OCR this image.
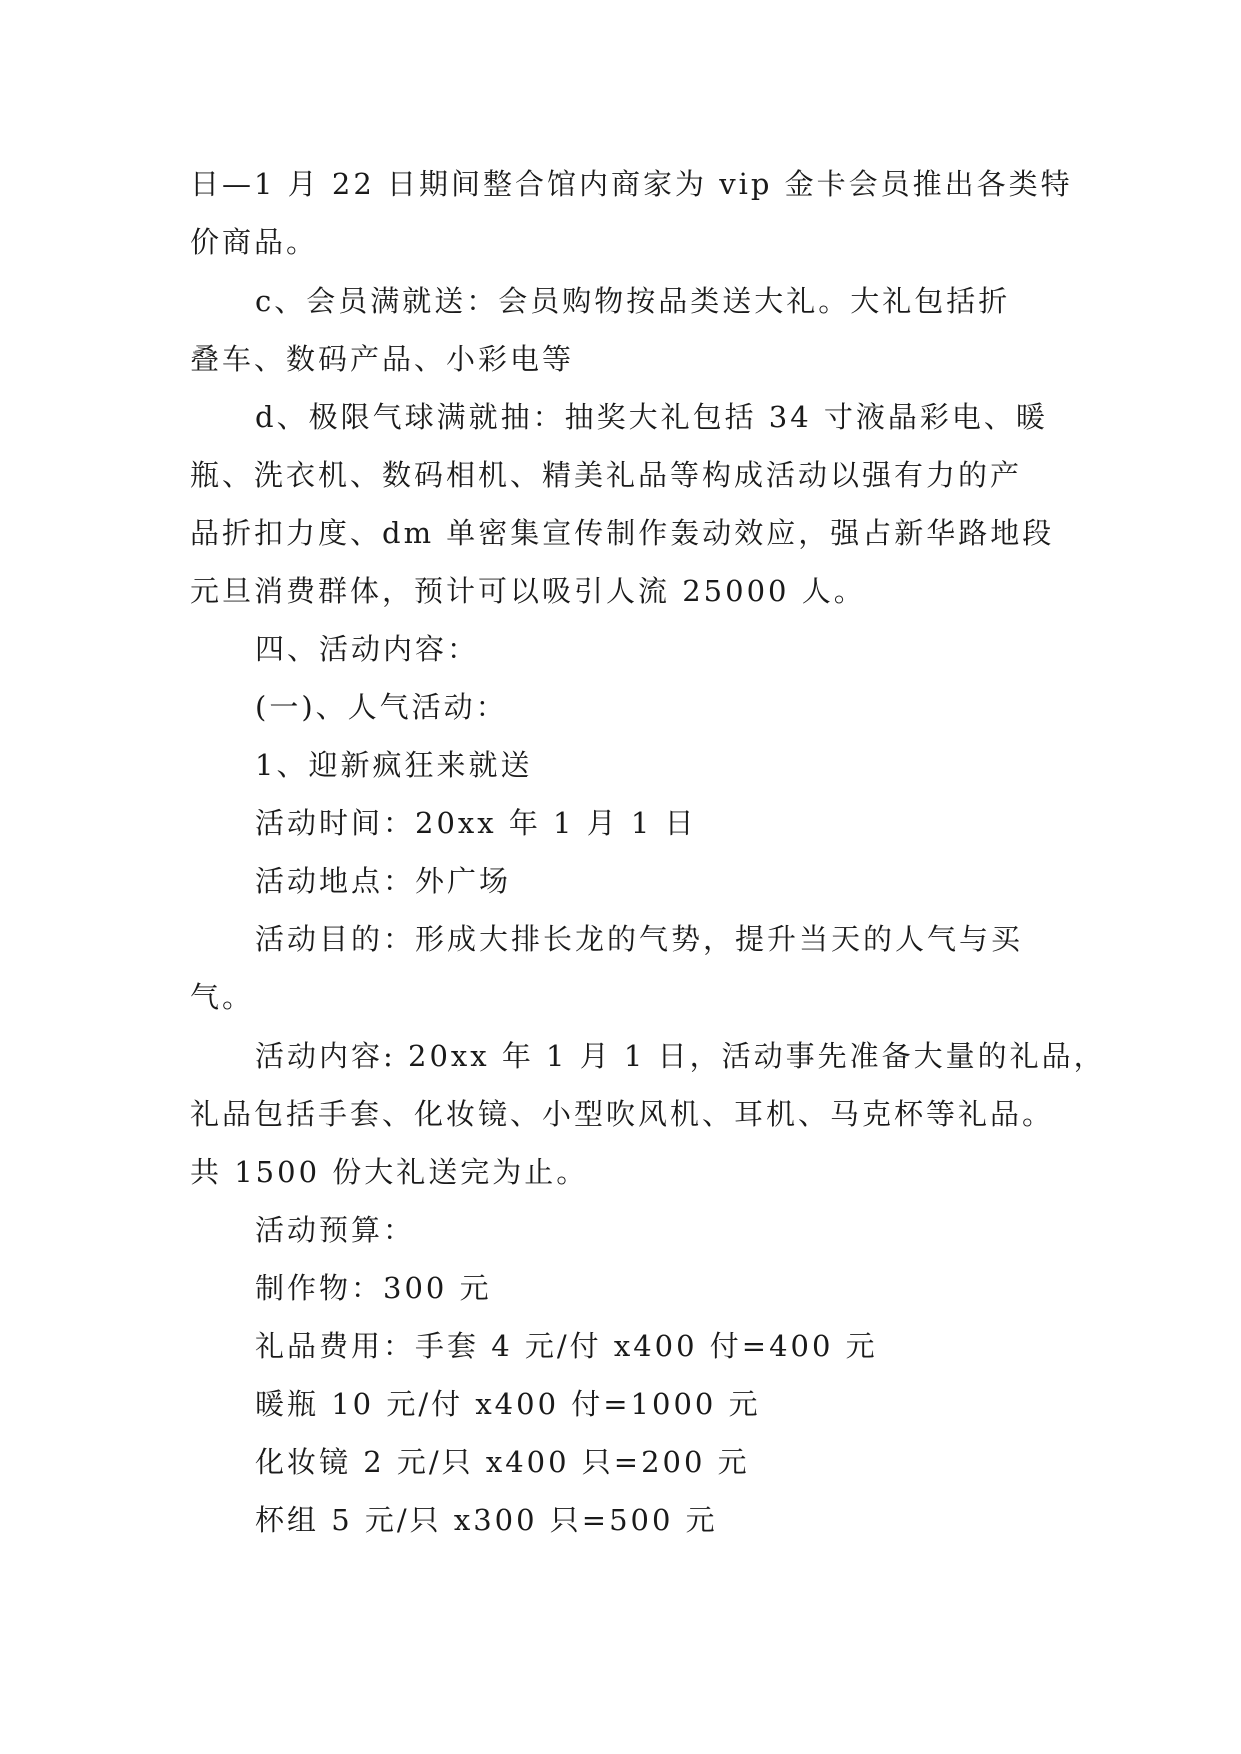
日—1 月 22 日期间整合馆内商家为 vip 金卡会员推出各类特
价商品。
c、会员满就送：会员购物按品类送大礼。大礼包括折
叠车、数码产品、小彩电等
d、极限气球满就抽：抽奖大礼包括 34 寸液晶彩电、暖
瓶、洗衣机、数码相机、精美礼品等构成活动以强有力的产
品折扣力度、dm 单密集宣传制作轰动效应，强占新华路地段
元旦消费群体，预计可以吸引人流 25000 人。
四、活动内容：
(一)、人气活动：
1、迎新疯狂来就送
活动时间：20xx 年 1 月 1 日
活动地点：外广场
活动目的：形成大排长龙的气势，提升当天的人气与买
气。
活动内容: 20xx 年 1 月 1 日，活动事先准备大量的礼品，
礼品包括手套、化妆镜、小型吹风机、耳机、马克杯等礼品。
共 1500 份大礼送完为止。
活动预算：
制作物：300 元
礼品费用：手套 4 元/付 x400 付=400 元
暖瓶 10 元/付 x400 付=1000 元
化妆镜 2 元/只 x400 只=200 元
杯组 5 元/只 x300 只=500 元
